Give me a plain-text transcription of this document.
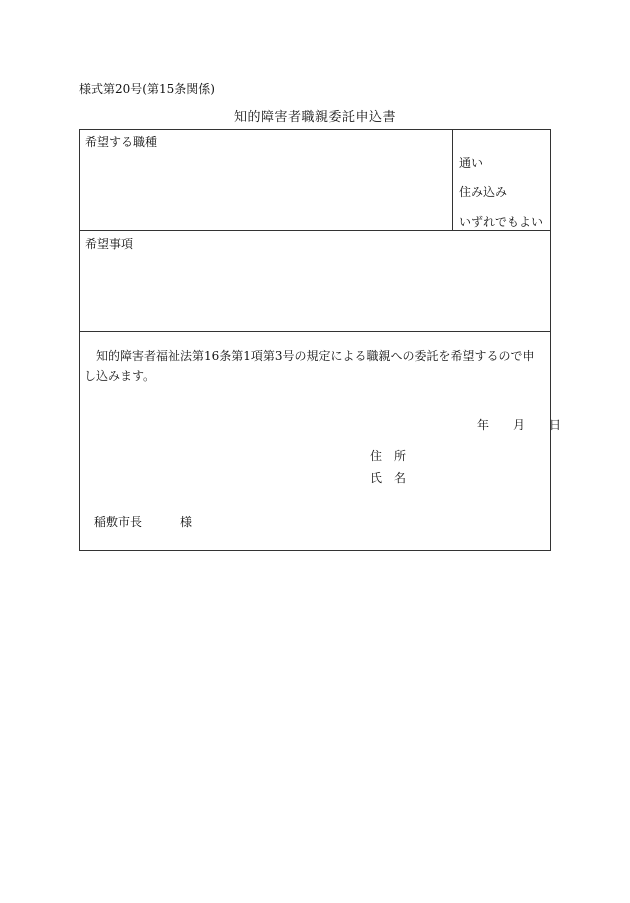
様式第20号(第15条関係)
知的障害者職親委託申込書
希望する職種
通い
住み込み
いずれでもよい
希望事項

知的障害者福祉法第16条第1項第3号の規定による職親への委託を希望するので申し込みます。

年 月 日
住 所
氏 名
稲敷市長	様
